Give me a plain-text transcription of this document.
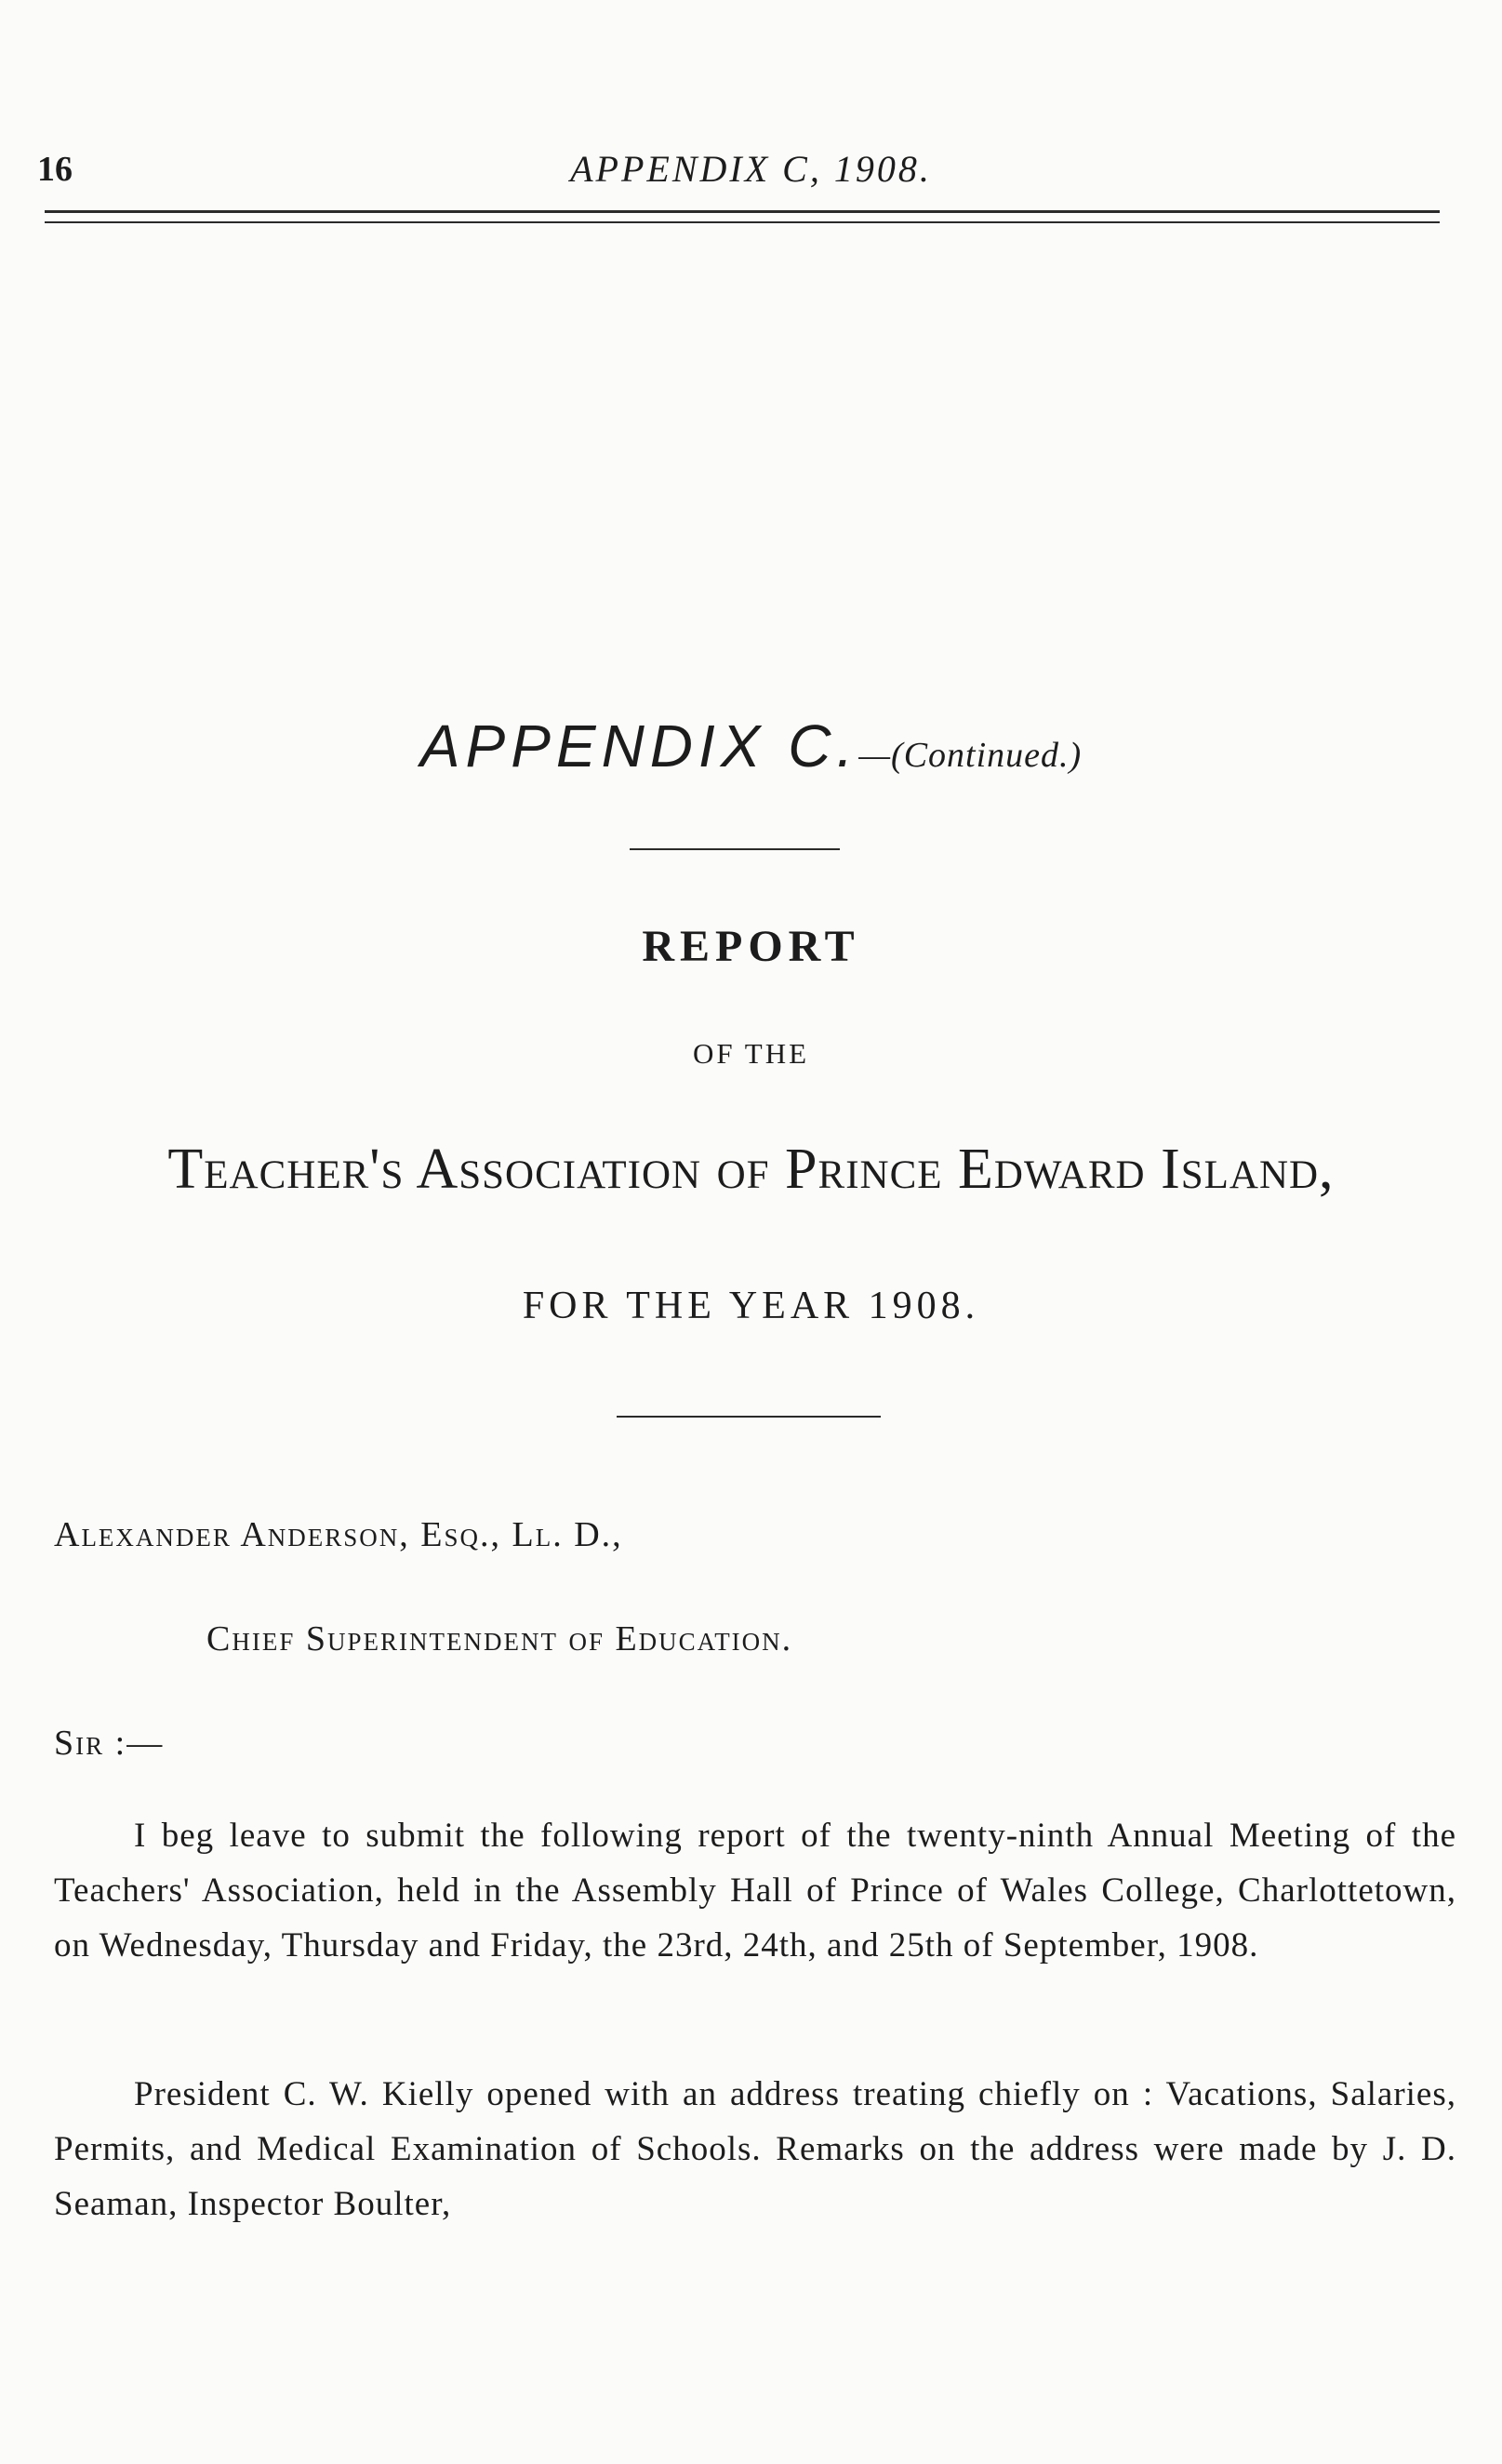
16	APPENDIX C, 1908.
APPENDIX C.—(Continued.)
REPORT
OF THE
Teacher's Association of Prince Edward Island,
FOR THE YEAR 1908.
Alexander Anderson, Esq., Ll. D.,
Chief Superintendent of Education.
Sir :—
I beg leave to submit the following report of the twenty-ninth Annual Meeting of the Teachers' Association, held in the Assembly Hall of Prince of Wales College, Charlottetown, on Wednesday, Thursday and Friday, the 23rd, 24th, and 25th of September, 1908.
President C. W. Kielly opened with an address treating chiefly on : Vacations, Salaries, Permits, and Medical Examination of Schools. Remarks on the address were made by J. D. Seaman, Inspector Boulter,
